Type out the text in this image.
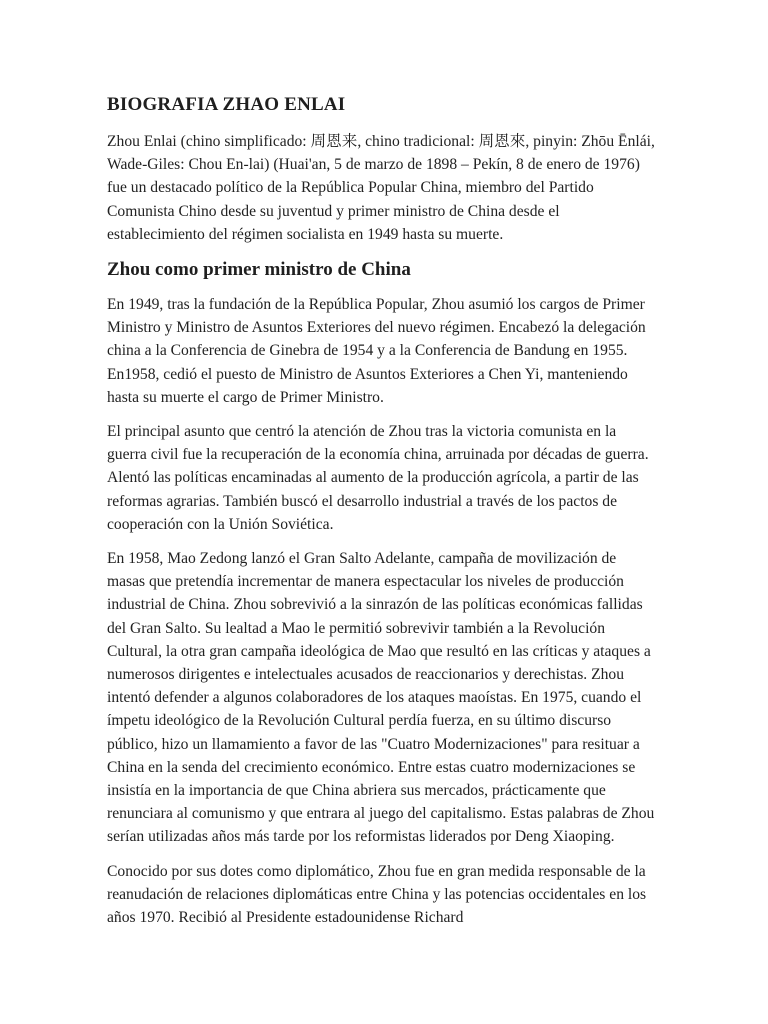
BIOGRAFIA ZHAO ENLAI

Zhou Enlai (chino simplificado: 周恩来, chino tradicional: 周恩來, pinyin: Zhōu Ēnlái, Wade-Giles: Chou En-lai) (Huai'an, 5 de marzo de 1898 – Pekín, 8 de enero de 1976) fue un destacado político de la República Popular China, miembro del Partido Comunista Chino desde su juventud y primer ministro de China desde el establecimiento del régimen socialista en 1949 hasta su muerte.

Zhou como primer ministro de China

En 1949, tras la fundación de la República Popular, Zhou asumió los cargos de Primer Ministro y Ministro de Asuntos Exteriores del nuevo régimen. Encabezó la delegación china a la Conferencia de Ginebra de 1954 y a la Conferencia de Bandung en 1955. En1958, cedió el puesto de Ministro de Asuntos Exteriores a Chen Yi, manteniendo hasta su muerte el cargo de Primer Ministro.

El principal asunto que centró la atención de Zhou tras la victoria comunista en la guerra civil fue la recuperación de la economía china, arruinada por décadas de guerra. Alentó las políticas encaminadas al aumento de la producción agrícola, a partir de las reformas agrarias. También buscó el desarrollo industrial a través de los pactos de cooperación con la Unión Soviética.

En 1958, Mao Zedong lanzó el Gran Salto Adelante, campaña de movilización de masas que pretendía incrementar de manera espectacular los niveles de producción industrial de China. Zhou sobrevivió a la sinrazón de las políticas económicas fallidas del Gran Salto. Su lealtad a Mao le permitió sobrevivir también a la Revolución Cultural, la otra gran campaña ideológica de Mao que resultó en las críticas y ataques a numerosos dirigentes e intelectuales acusados de reaccionarios y derechistas. Zhou intentó defender a algunos colaboradores de los ataques maoístas. En 1975, cuando el ímpetu ideológico de la Revolución Cultural perdía fuerza, en su último discurso público, hizo un llamamiento a favor de las "Cuatro Modernizaciones" para resituar a China en la senda del crecimiento económico. Entre estas cuatro modernizaciones se insistía en la importancia de que China abriera sus mercados, prácticamente que renunciara al comunismo y que entrara al juego del capitalismo. Estas palabras de Zhou serían utilizadas años más tarde por los reformistas liderados por Deng Xiaoping.

Conocido por sus dotes como diplomático, Zhou fue en gran medida responsable de la reanudación de relaciones diplomáticas entre China y las potencias occidentales en los años 1970. Recibió al Presidente estadounidense Richard
